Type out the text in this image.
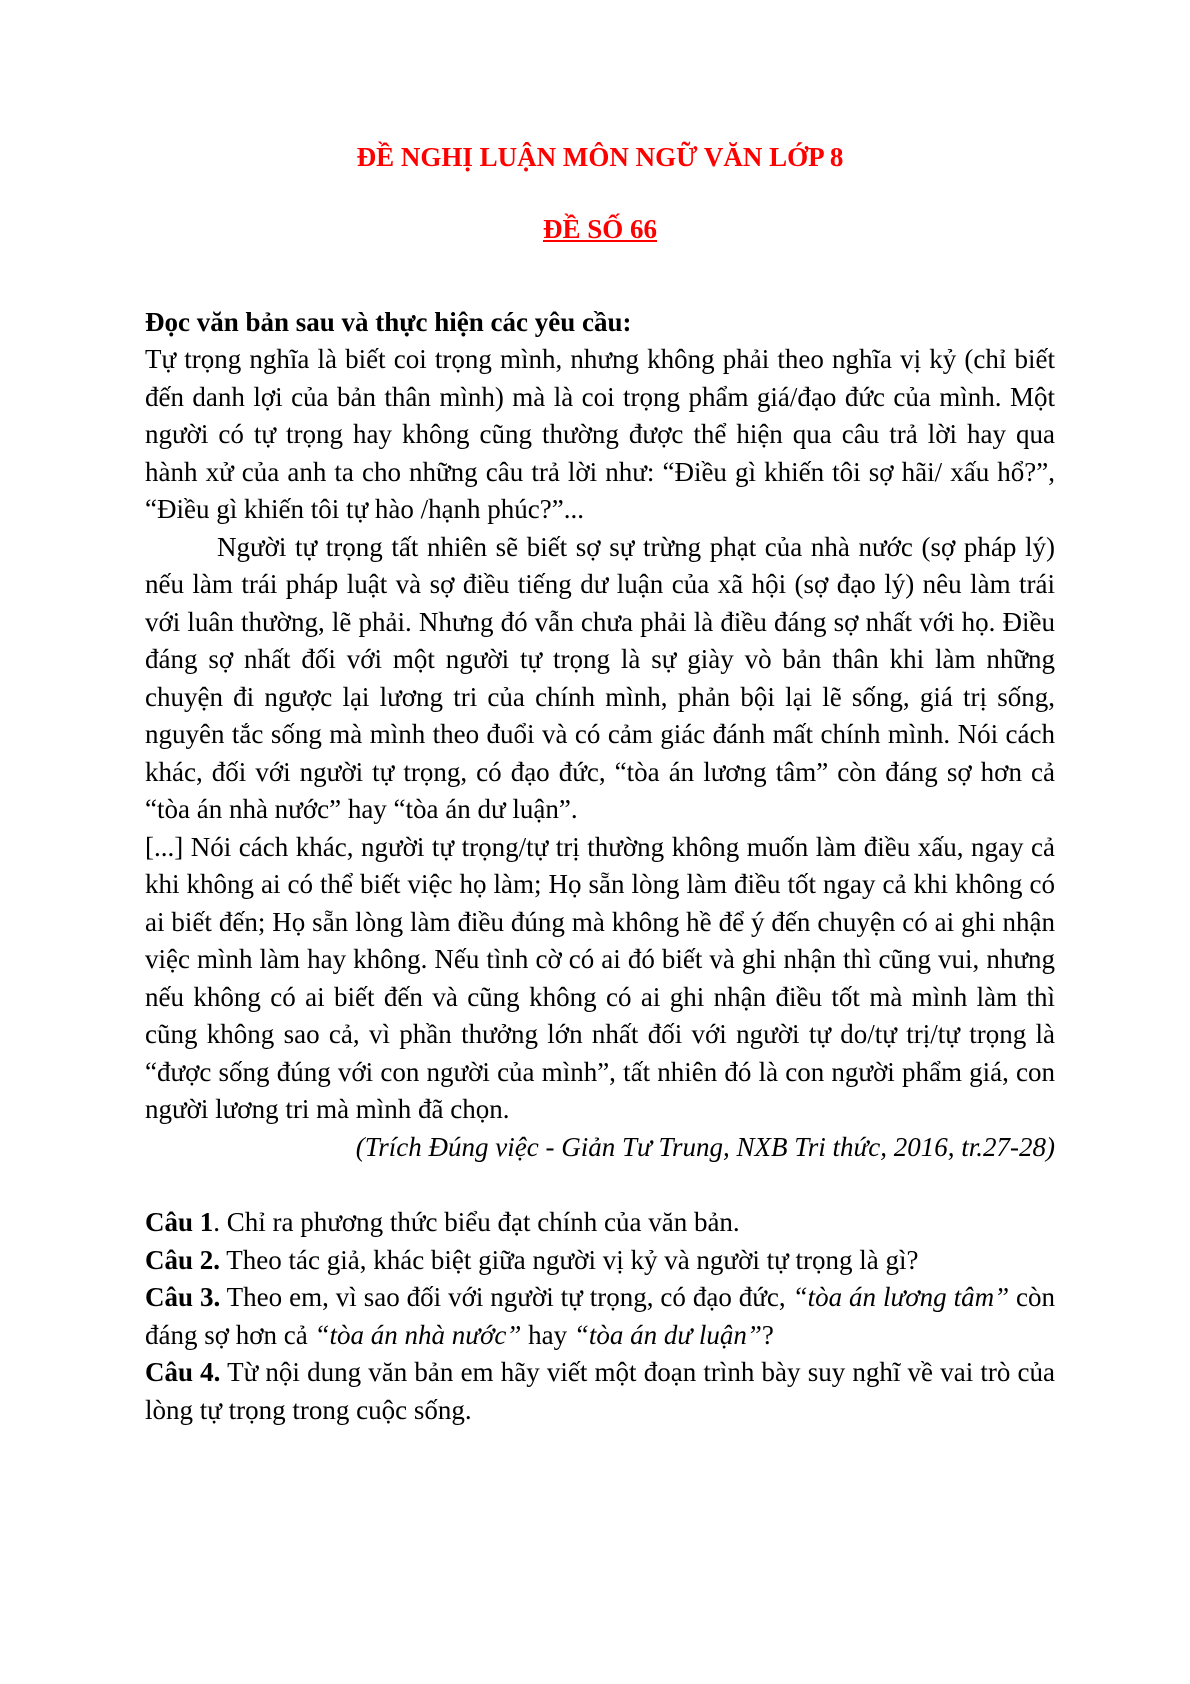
ĐỀ NGHỊ LUẬN MÔN NGỮ VĂN LỚP 8

ĐỀ SỐ 66

Đọc văn bản sau và thực hiện các yêu cầu:

Tự trọng nghĩa là biết coi trọng mình, nhưng không phải theo nghĩa vị kỷ (chỉ biết đến danh lợi của bản thân mình) mà là coi trọng phẩm giá/đạo đức của mình. Một người có tự trọng hay không cũng thường được thể hiện qua câu trả lời hay qua hành xử của anh ta cho những câu trả lời như: “Điều gì khiến tôi sợ hãi/ xấu hổ?”, “Điều gì khiến tôi tự hào /hạnh phúc?”...

Người tự trọng tất nhiên sẽ biết sợ sự trừng phạt của nhà nước (sợ pháp lý) nếu làm trái pháp luật và sợ điều tiếng dư luận của xã hội (sợ đạo lý) nêu làm trái với luân thường, lẽ phải. Nhưng đó vẫn chưa phải là điều đáng sợ nhất với họ. Điều đáng sợ nhất đối với một người tự trọng là sự giày vò bản thân khi làm những chuyện đi ngược lại lương tri của chính mình, phản bội lại lẽ sống, giá trị sống, nguyên tắc sống mà mình theo đuổi và có cảm giác đánh mất chính mình. Nói cách khác, đối với người tự trọng, có đạo đức, “tòa án lương tâm” còn đáng sợ hơn cả “tòa án nhà nước” hay “tòa án dư luận”.

[...] Nói cách khác, người tự trọng/tự trị thường không muốn làm điều xấu, ngay cả khi không ai có thể biết việc họ làm; Họ sẵn lòng làm điều tốt ngay cả khi không có ai biết đến; Họ sẵn lòng làm điều đúng mà không hề để ý đến chuyện có ai ghi nhận việc mình làm hay không. Nếu tình cờ có ai đó biết và ghi nhận thì cũng vui, nhưng nếu không có ai biết đến và cũng không có ai ghi nhận điều tốt mà mình làm thì cũng không sao cả, vì phần thưởng lớn nhất đối với người tự do/tự trị/tự trọng là “được sống đúng với con người của mình”, tất nhiên đó là con người phẩm giá, con người lương tri mà mình đã chọn.

(Trích Đúng việc - Giản Tư Trung, NXB Tri thức, 2016, tr.27-28)

Câu 1. Chỉ ra phương thức biểu đạt chính của văn bản.

Câu 2. Theo tác giả, khác biệt giữa người vị kỷ và người tự trọng là gì?

Câu 3. Theo em, vì sao đối với người tự trọng, có đạo đức, “tòa án lương tâm” còn đáng sợ hơn cả “tòa án nhà nước” hay “tòa án dư luận”?

Câu 4. Từ nội dung văn bản em hãy viết một đoạn trình bày suy nghĩ về vai trò của lòng tự trọng trong cuộc sống.
